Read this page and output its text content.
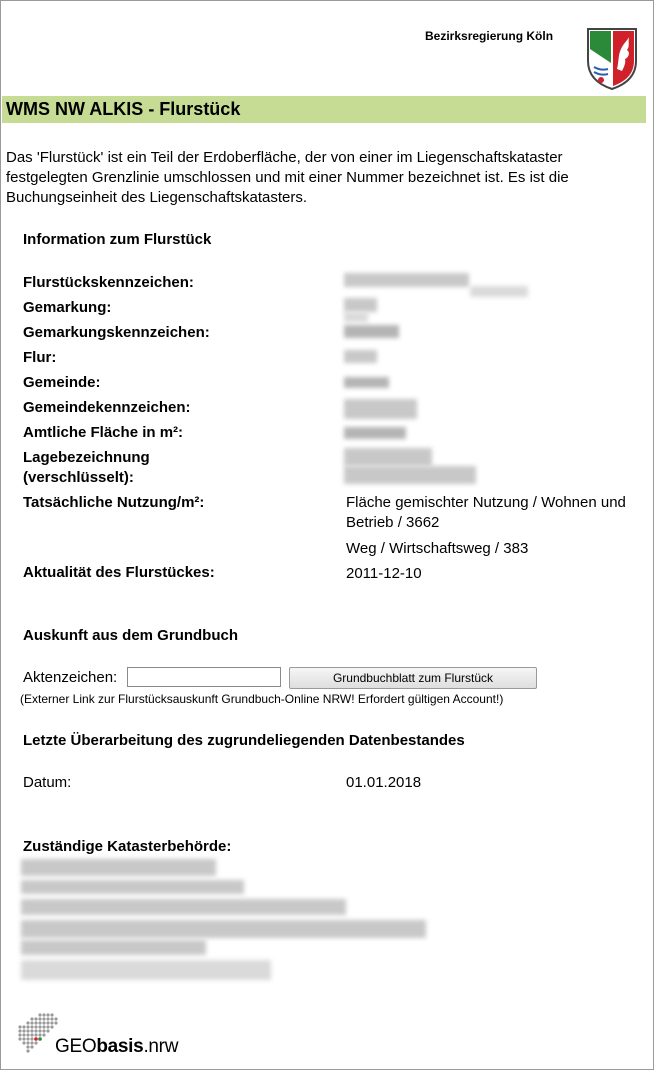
Bezirksregierung Köln
WMS NW ALKIS - Flurstück
Das 'Flurstück' ist ein Teil der Erdoberfläche, der von einer im Liegenschaftskataster festgelegten Grenzlinie umschlossen und mit einer Nummer bezeichnet ist. Es ist die Buchungseinheit des Liegenschaftskatasters.
Information zum Flurstück
Flurstückskennzeichen:
Gemarkung:
Gemarkungskennzeichen:
Flur:
Gemeinde:
Gemeindekennzeichen:
Amtliche Fläche in m²:
Lagebezeichnung
(verschlüsselt):
Tatsächliche Nutzung/m²:
Aktualität des Flurstückes:
Fläche gemischter Nutzung / Wohnen und Betrieb / 3662
Weg / Wirtschaftsweg / 383
2011-12-10
Auskunft aus dem Grundbuch
Aktenzeichen:	Grundbuchblatt zum Flurstück
(Externer Link zur Flurstücksauskunft Grundbuch-Online NRW! Erfordert gültigen Account!)
Letzte Überarbeitung des zugrundeliegenden Datenbestandes
Datum:	01.01.2018
Zuständige Katasterbehörde:
GEObasis.nrw
